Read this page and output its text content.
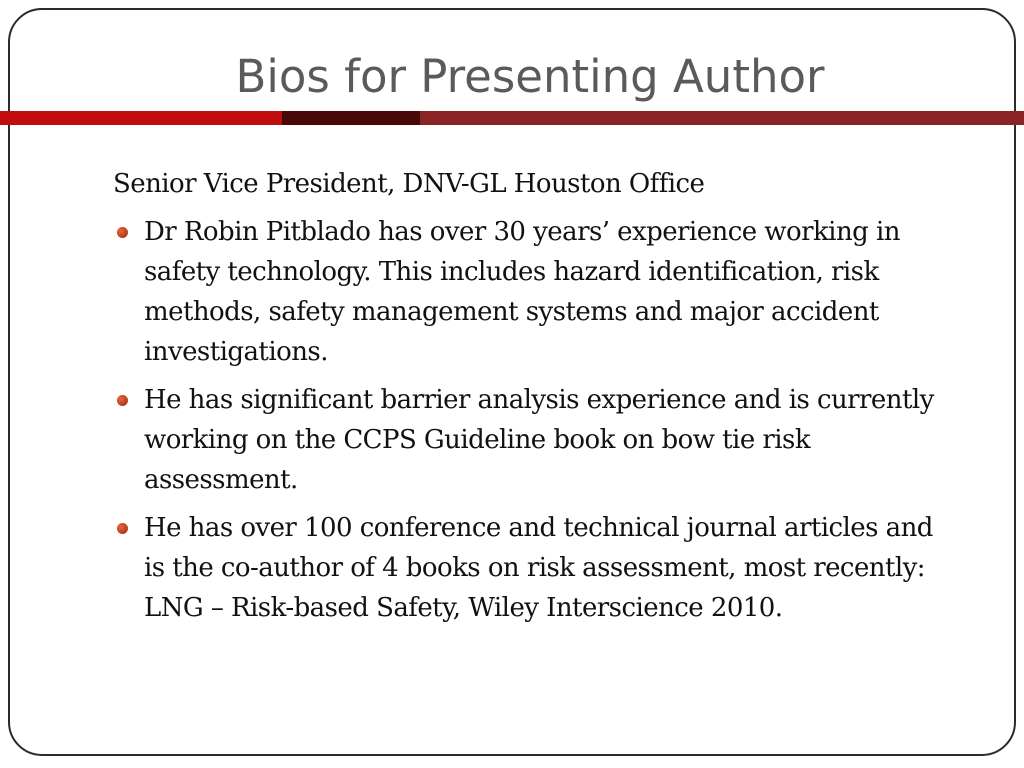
Bios for Presenting Author
Senior Vice President, DNV-GL Houston Office
Dr Robin Pitblado has over 30 years’ experience working in
safety technology. This includes hazard identification, risk
methods, safety management systems and major accident
investigations.
He has significant barrier analysis experience and is currently
working on the CCPS Guideline book on bow tie risk
assessment.
He has over 100 conference and technical journal articles and
is the co-author of 4 books on risk assessment, most recently:
LNG – Risk-based Safety, Wiley Interscience 2010.
